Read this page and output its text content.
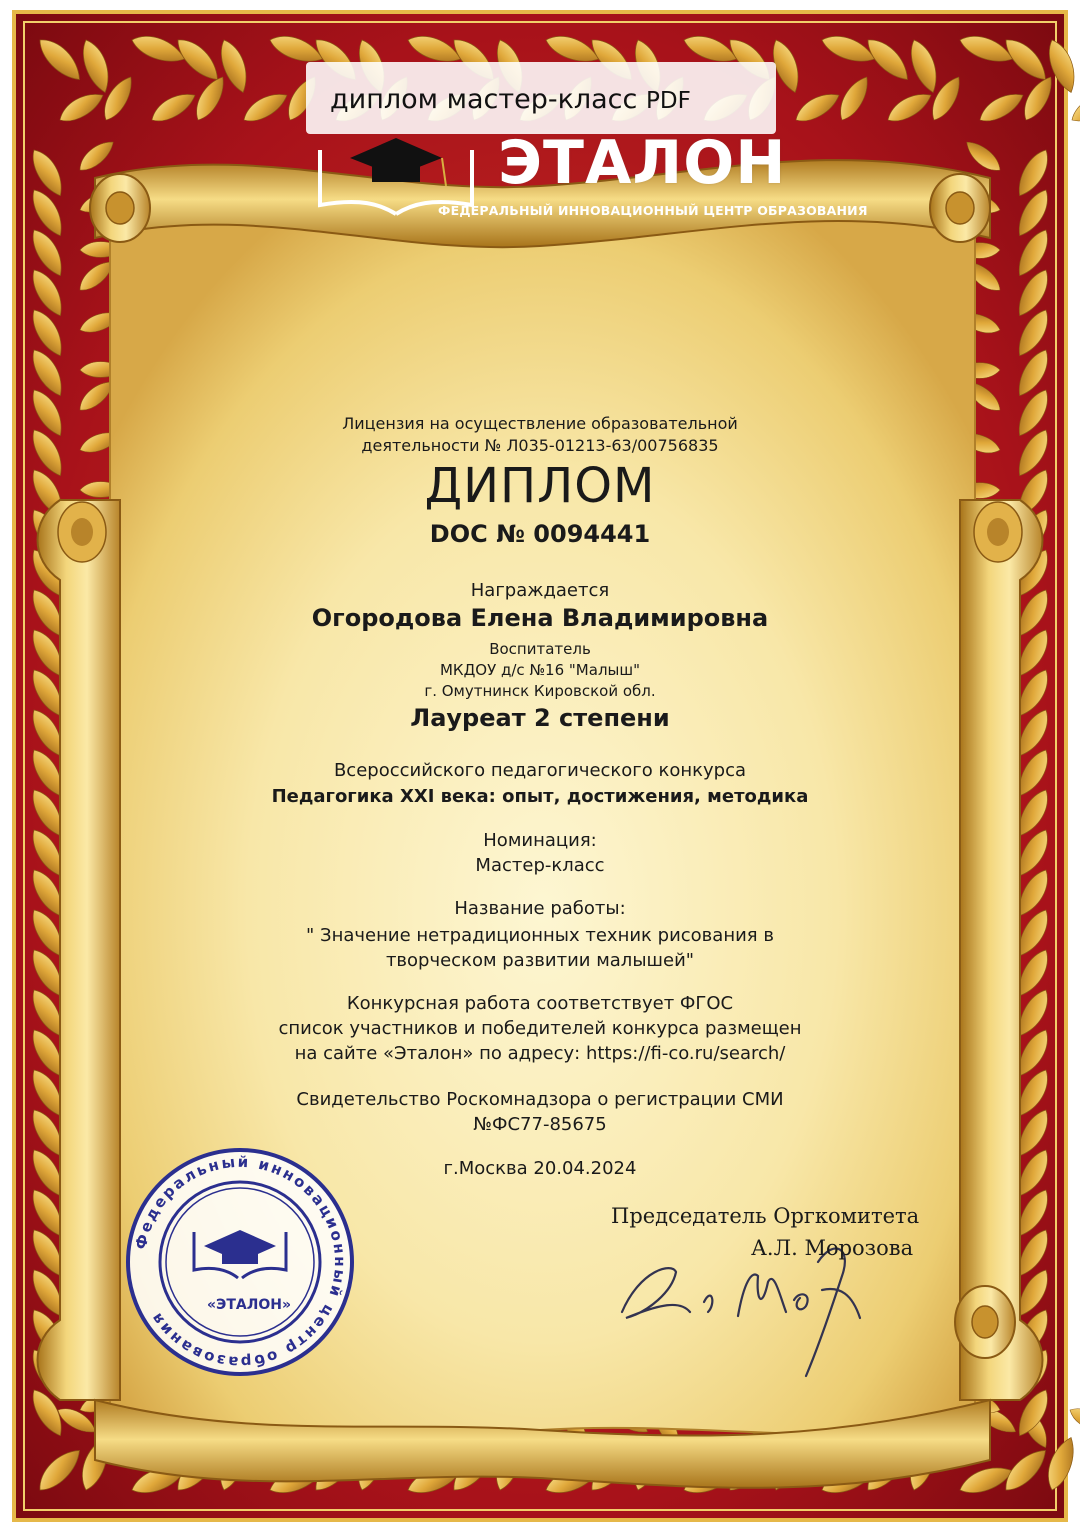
Федеральный инновационный центр образования
диплом мастер-класс PDF
ЭТАЛОН
ФЕДЕРАЛЬНЫЙ ИННОВАЦИОННЫЙ ЦЕНТР ОБРАЗОВАНИЯ
Лицензия на осуществление образовательной
деятельности № Л035-01213-63/00756835
ДИПЛОМ
DOC № 0094441
Награждается
Огородова Елена Владимировна
Воспитатель
МКДОУ д/с №16 "Малыш"
г. Омутнинск Кировской обл.
Лауреат 2 степени
Всероссийского педагогического конкурса
Педагогика XXI века: опыт, достижения, методика
Номинация:
Мастер-класс
Название работы:
" Значение нетрадиционных техник рисования в
творческом развитии малышей"
Конкурсная работа соответствует ФГОС
список участников и победителей конкурса размещен
на сайте «Эталон» по адресу: https://fi-co.ru/search/
Свидетельство Роскомнадзора о регистрации СМИ
№ФС77-85675
г.Москва 20.04.2024
Председатель Оргкомитета
А.Л. Морозова
«ЭТАЛОН»
